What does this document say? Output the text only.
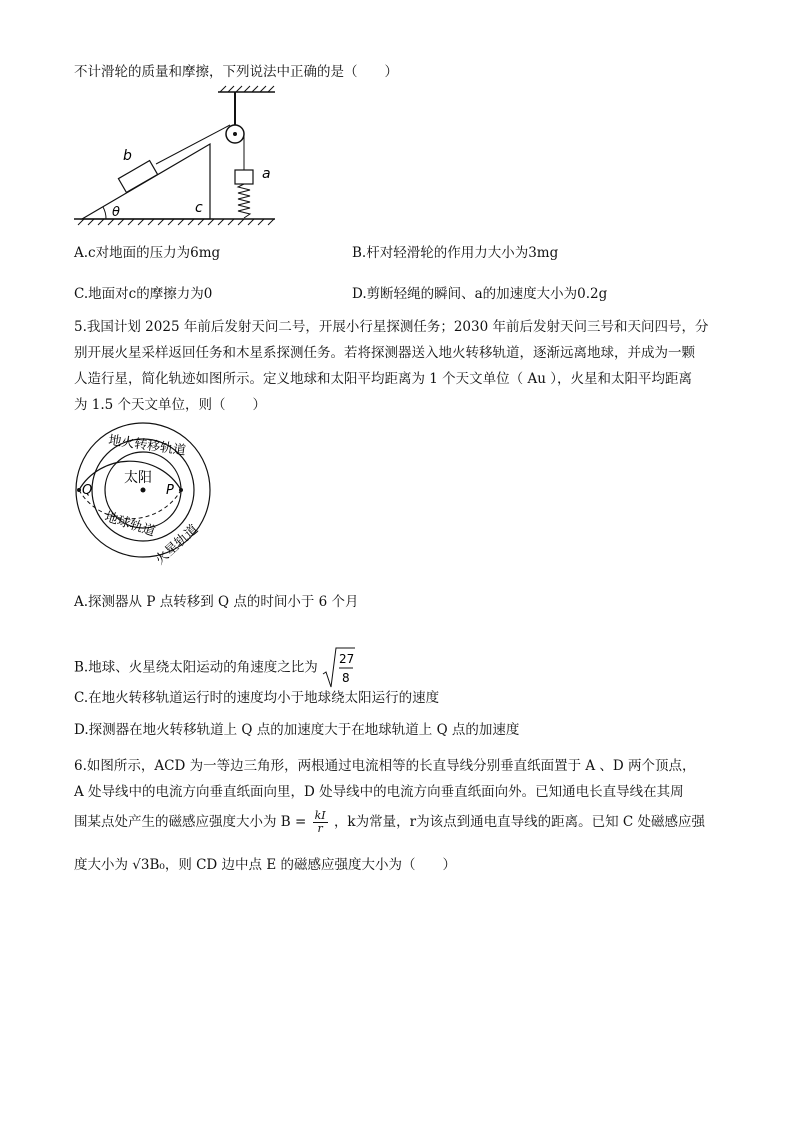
不计滑轮的质量和摩擦，下列说法中正确的是（　　）
θ
b
a
c
A.c对地面的压力为6mg	B.杆对轻滑轮的作用力大小为3mg
C.地面对c的摩擦力为0	D.剪断轻绳的瞬间、a的加速度大小为0.2g
5.我国计划 2025 年前后发射天问二号，开展小行星探测任务；2030 年前后发射天问三号和天问四号，分
别开展火星采样返回任务和木星系探测任务。若将探测器送入地火转移轨道，逐渐远离地球，并成为一颗
人造行星，简化轨迹如图所示。定义地球和太阳平均距离为 1 个天文单位（ Au ），火星和太阳平均距离
为 1.5 个天文单位，则（　　）
Q	P
太阳
地火转移轨道
地球轨道
火星轨道
A.探测器从 P 点转移到 Q 点的时间小于 6 个月
B.地球、火星绕太阳运动的角速度之比为
27
8
C.在地火转移轨道运行时的速度均小于地球绕太阳运行的速度
D.探测器在地火转移轨道上 Q 点的加速度大于在地球轨道上 Q 点的加速度
6.如图所示，ACD 为一等边三角形，两根通过电流相等的长直导线分别垂直纸面置于 A 、D 两个顶点，
A 处导线中的电流方向垂直纸面向里，D 处导线中的电流方向垂直纸面向外。已知通电长直导线在其周
围某点处产生的磁感应强度大小为 $B = \frac{kI}{r}$ ，k为常量，r为该点到通电直导线的距离。已知 C 处磁感应强
度大小为 √3B₀，则 CD 边中点 E 的磁感应强度大小为（　　）
